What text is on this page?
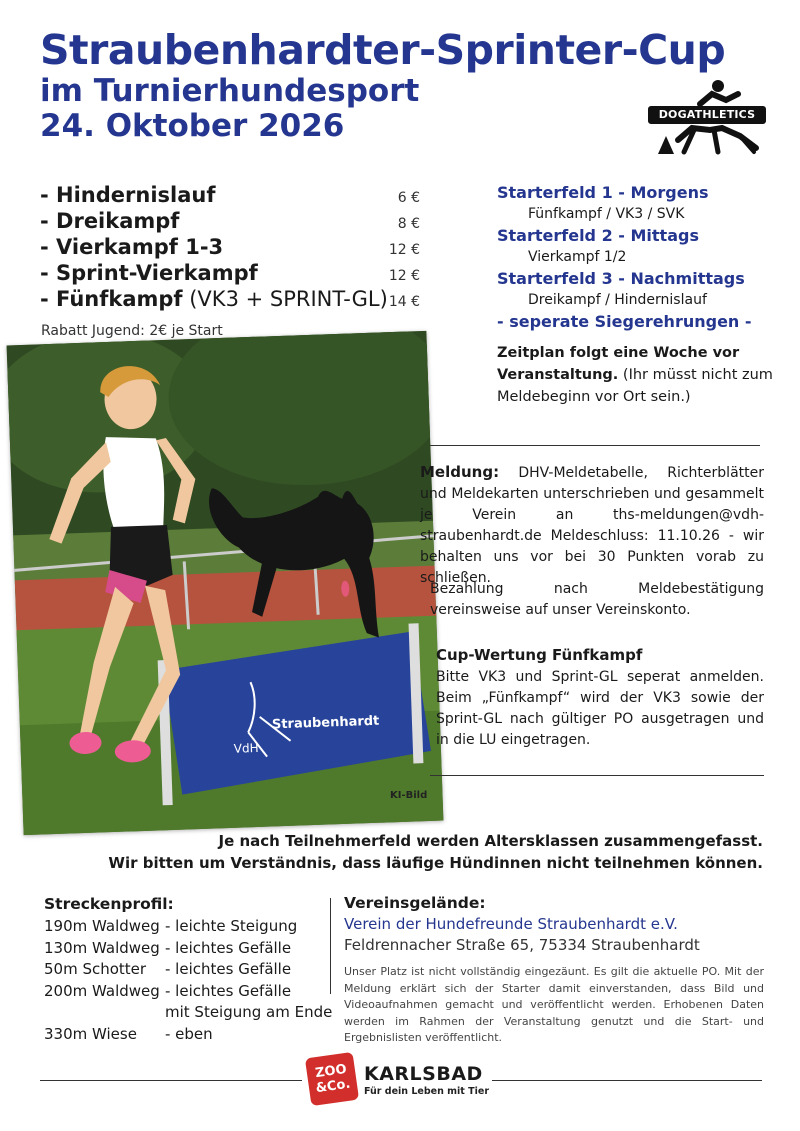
Straubenhardter-Sprinter-Cup
im Turnierhundesport
24. Oktober 2026	DOGATHLETICS
- Hindernislauf	6 €
- Dreikampf	8 €
- Vierkampf 1-3	12 €
- Sprint-Vierkampf	12 €
- Fünfkampf (VK3 + SPRINT-GL) 14 €
Rabatt Jugend: 2€ je Start
Starterfeld 1 - Morgens
Fünfkampf / VK3 / SVK
Starterfeld 2 - Mittags
Vierkampf 1/2
Starterfeld 3 - Nachmittags
Dreikampf / Hindernislauf
- seperate Siegerehrungen -
Zeitplan folgt eine Woche vor Veranstaltung. (Ihr müsst nicht zum Meldebeginn vor Ort sein.)
VdH
Straubenhardt
KI-Bild
Meldung: DHV-Meldetabelle, Richterblätter und Meldekarten unterschrieben und gesammelt je Verein an ths-meldungen@vdh-straubenhardt.de Meldeschluss: 11.10.26 - wir behalten uns vor bei 30 Punkten vorab zu schließen.
Bezahlung nach Meldebestätigung vereinsweise auf unser Vereinskonto.
Cup-Wertung Fünfkampf
Bitte VK3 und Sprint-GL seperat anmelden. Beim „Fünfkampf“ wird der VK3 sowie der Sprint-GL nach gültiger PO ausgetragen und in die LU eingetragen.
Je nach Teilnehmerfeld werden Altersklassen zusammengefasst.
Wir bitten um Verständnis, dass läufige Hündinnen nicht teilnehmen können.
Streckenprofil:
190m Waldweg - leichte Steigung
130m Waldweg - leichtes Gefälle
50m Schotter	- leichtes Gefälle
200m Waldweg - leichtes Gefälle
mit Steigung am Ende
330m Wiese	- eben
Vereinsgelände:
Verein der Hundefreunde Straubenhardt e.V.
Feldrennacher Straße 65, 75334 Straubenhardt
Unser Platz ist nicht vollständig eingezäunt. Es gilt die aktuelle PO. Mit der Meldung erklärt sich der Starter damit einverstanden, dass Bild und Videoaufnahmen gemacht und veröffentlicht werden. Erhobenen Daten werden im Rahmen der Veranstaltung genutzt und die Start- und Ergebnislisten veröffentlicht.
ZOO
&Co.
KARLSBAD
Für dein Leben mit Tier
